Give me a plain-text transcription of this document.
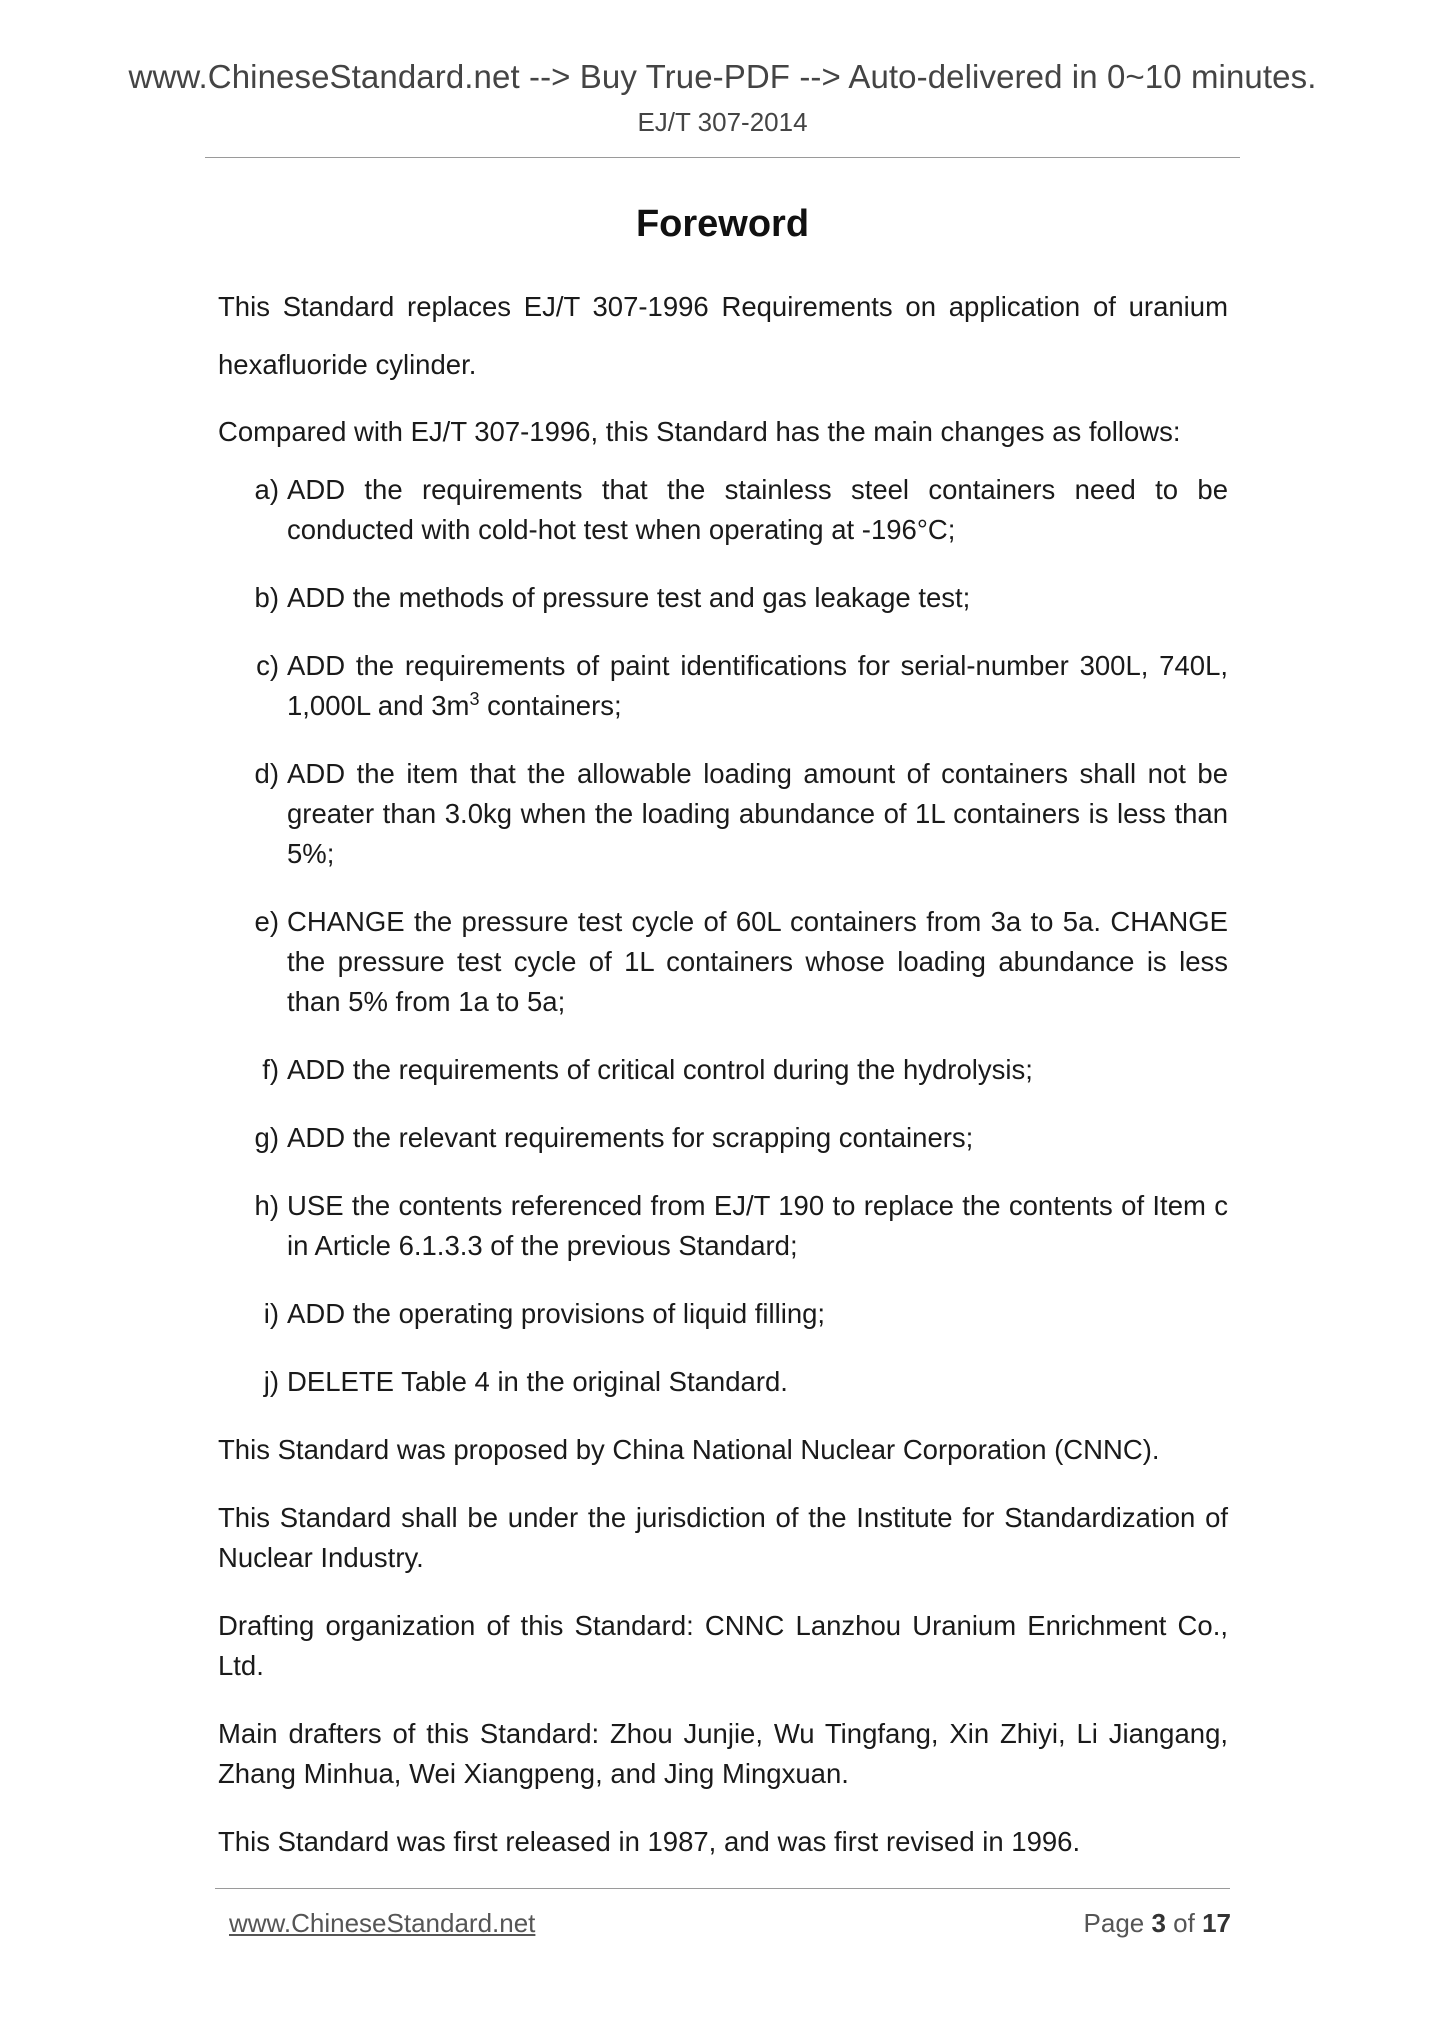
www.ChineseStandard.net --> Buy True-PDF --> Auto-delivered in 0~10 minutes.
EJ/T 307-2014
Foreword

This Standard replaces EJ/T 307-1996 Requirements on application of uranium hexafluoride cylinder.

Compared with EJ/T 307-1996, this Standard has the main changes as follows:

a) ADD the requirements that the stainless steel containers need to be conducted with cold-hot test when operating at -196°C;
b) ADD the methods of pressure test and gas leakage test;
c) ADD the requirements of paint identifications for serial-number 300L, 740L, 1,000L and $3m^3$ containers;
d) ADD the item that the allowable loading amount of containers shall not be greater than 3.0kg when the loading abundance of 1L containers is less than 5%;
e) CHANGE the pressure test cycle of 60L containers from 3a to 5a. CHANGE the pressure test cycle of 1L containers whose loading abundance is less than 5% from 1a to 5a;
f) ADD the requirements of critical control during the hydrolysis;
g) ADD the relevant requirements for scrapping containers;
h) USE the contents referenced from EJ/T 190 to replace the contents of Item c in Article 6.1.3.3 of the previous Standard;
i) ADD the operating provisions of liquid filling;
j) DELETE Table 4 in the original Standard.

This Standard was proposed by China National Nuclear Corporation (CNNC).

This Standard shall be under the jurisdiction of the Institute for Standardization of Nuclear Industry.

Drafting organization of this Standard: CNNC Lanzhou Uranium Enrichment Co., Ltd.

Main drafters of this Standard: Zhou Junjie, Wu Tingfang, Xin Zhiyi, Li Jiangang, Zhang Minhua, Wei Xiangpeng, and Jing Mingxuan.

This Standard was first released in 1987, and was first revised in 1996.

www.ChineseStandard.net	Page 3 of 17
